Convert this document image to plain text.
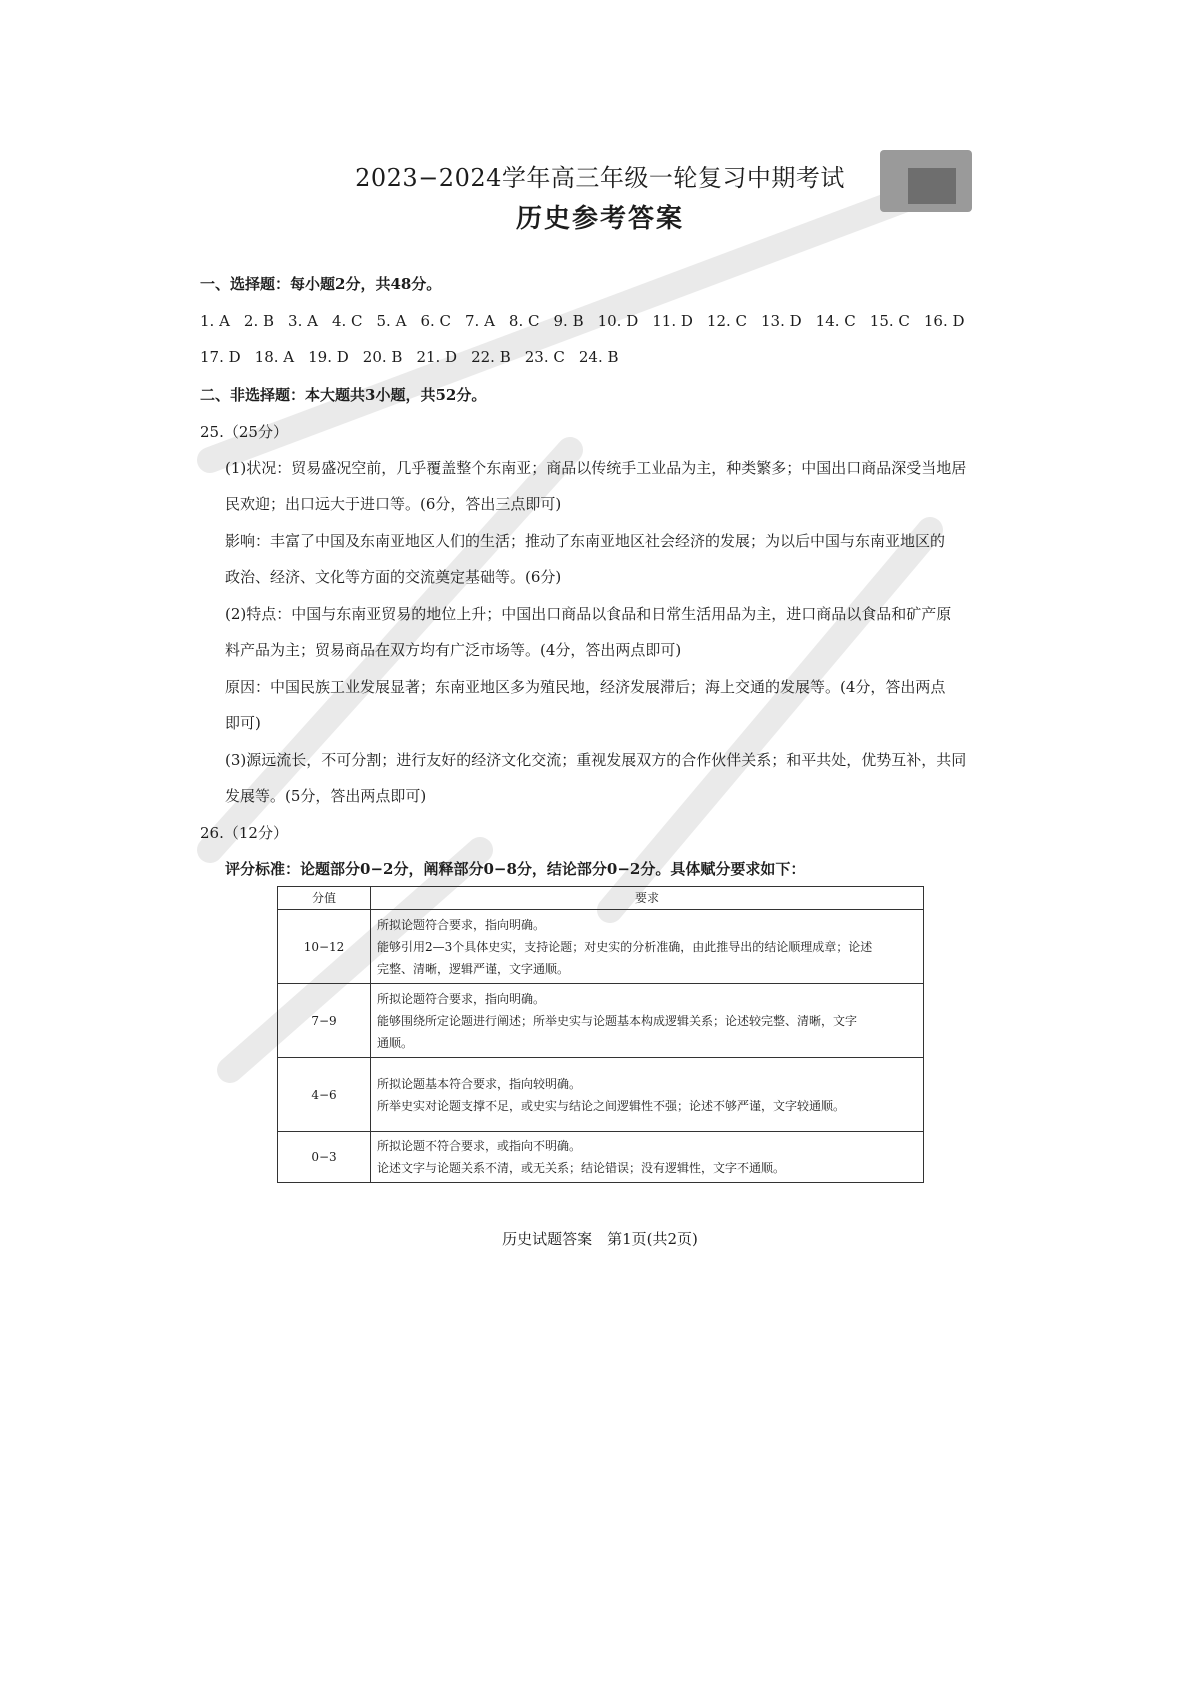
2023−2024学年高三年级一轮复习中期考试
历史参考答案
一、选择题：每小题2分，共48分。
1. A 2. B 3. A 4. C 5. A 6. C 7. A 8. C 9. B 10. D 11. D 12. C 13. D 14. C 15. C 16. D
17. D 18. A 19. D 20. B 21. D 22. B 23. C 24. B
二、非选择题：本大题共3小题，共52分。
25.（25分）
(1)状况：贸易盛况空前，几乎覆盖整个东南亚；商品以传统手工业品为主，种类繁多；中国出口商品深受当地居
民欢迎；出口远大于进口等。(6分，答出三点即可)
影响：丰富了中国及东南亚地区人们的生活；推动了东南亚地区社会经济的发展；为以后中国与东南亚地区的
政治、经济、文化等方面的交流奠定基础等。(6分)
(2)特点：中国与东南亚贸易的地位上升；中国出口商品以食品和日常生活用品为主，进口商品以食品和矿产原
料产品为主；贸易商品在双方均有广泛市场等。(4分，答出两点即可)
原因：中国民族工业发展显著；东南亚地区多为殖民地，经济发展滞后；海上交通的发展等。(4分，答出两点
即可)
(3)源远流长，不可分割；进行友好的经济文化交流；重视发展双方的合作伙伴关系；和平共处，优势互补，共同
发展等。(5分，答出两点即可)
26.（12分）
评分标准：论题部分0−2分，阐释部分0−8分，结论部分0−2分。具体赋分要求如下：
分值	要求
10−12	所拟论题符合要求，指向明确。
能够引用2—3个具体史实，支持论题；对史实的分析准确，由此推导出的结论顺理成章；论述
完整、清晰，逻辑严谨，文字通顺。

7−9	所拟论题符合要求，指向明确。
能够围绕所定论题进行阐述；所举史实与论题基本构成逻辑关系；论述较完整、清晰，文字
通顺。

4−6	所拟论题基本符合要求，指向较明确。
所举史实对论题支撑不足，或史实与结论之间逻辑性不强；论述不够严谨，文字较通顺。

0−3	所拟论题不符合要求，或指向不明确。
论述文字与论题关系不清，或无关系；结论错误；没有逻辑性，文字不通顺。
历史试题答案　第1页(共2页)
